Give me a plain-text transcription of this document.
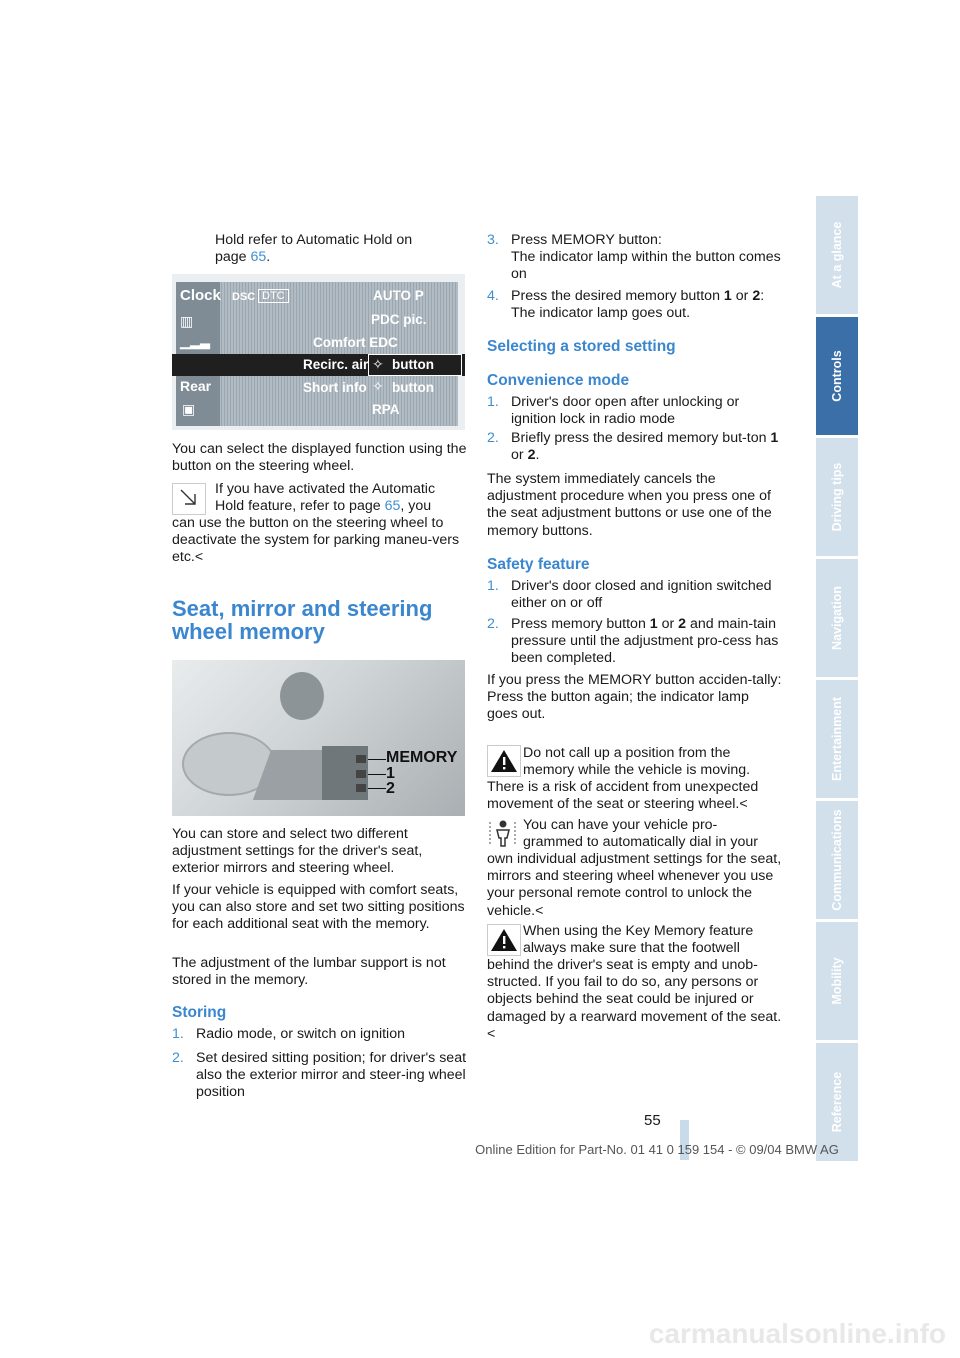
Hold refer to Automatic Hold on
page 65.
Clock
▥
▁▂▃
Rear
▣
DSC DTC	AUTO P
PDC pic.
Comfort EDC
Recirc. air ✧ button
Short info ✧ button
RPA
You can select the displayed function using the button on the steering wheel.
If you have activated the Automatic
Hold feature, refer to page 65, you
can use the button on the steering wheel to deactivate the system for parking maneu-vers etc.<
Seat, mirror and steering
wheel memory
MEMORY
1
2
You can store and select two different adjustment settings for the driver's seat, exterior mirrors and steering wheel.
If your vehicle is equipped with comfort seats, you can also store and set two sitting positions for each additional seat with the memory.
The adjustment of the lumbar support is not stored in the memory.
Storing
1. Radio mode, or switch on ignition
2. Set desired sitting position; for driver's seat also the exterior mirror and steer-ing wheel position
3. Press MEMORY button:
The indicator lamp within the button comes on
4. Press the desired memory button 1 or 2:
The indicator lamp goes out.
Selecting a stored setting
Convenience mode
1. Driver's door open after unlocking or ignition lock in radio mode
2. Briefly press the desired memory but-ton 1 or 2.
The system immediately cancels the adjustment procedure when you press one of the seat adjustment buttons or use one of the memory buttons.
Safety feature
1. Driver's door closed and ignition switched either on or off
2. Press memory button 1 or 2 and main-tain pressure until the adjustment pro-cess has been completed.
If you press the MEMORY button acciden-tally:
Press the button again; the indicator lamp goes out.
Do not call up a position from the
memory while the vehicle is moving.
There is a risk of accident from unexpected movement of the seat or steering wheel.<
You can have your vehicle pro-
grammed to automatically dial in your
own individual adjustment settings for the seat, mirrors and steering wheel whenever you use your personal remote control to unlock the vehicle.<
When using the Key Memory feature
always make sure that the footwell
behind the driver's seat is empty and unob-structed. If you fail to do so, any persons or objects behind the seat could be injured or damaged by a rearward movement of the seat.<
At a glance
Controls
Driving tips
Navigation
Entertainment
Communications
Mobility
Reference
55
Online Edition for Part-No. 01 41 0 159 154 - © 09/04 BMW AG
carmanualsonline.info
